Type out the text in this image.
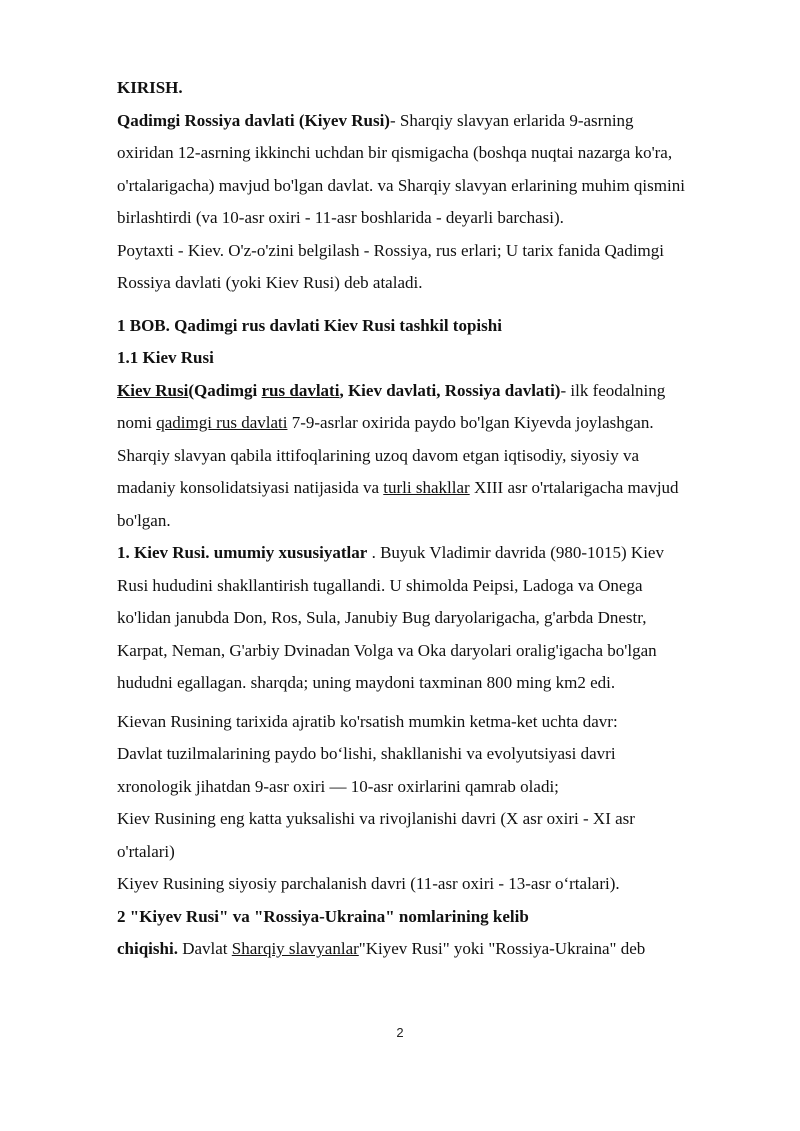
KIRISH.

Qadimgi Rossiya davlati (Kiyev Rusi)- Sharqiy slavyan erlarida 9-asrning
oxiridan 12-asrning ikkinchi uchdan bir qismigacha (boshqa nuqtai nazarga ko'ra,
o'rtalarigacha) mavjud bo'lgan davlat. va Sharqiy slavyan erlarining muhim qismini
birlashtirdi (va 10-asr oxiri - 11-asr boshlarida - deyarli barchasi).

Poytaxti - Kiev. O'z-o'zini belgilash - Rossiya, rus erlari; U tarix fanida Qadimgi
Rossiya davlati (yoki Kiev Rusi) deb ataladi.

1 BOB. Qadimgi rus davlati Kiev Rusi tashkil topishi

1.1 Kiev Rusi

Kiev Rusi(Qadimgi rus davlati, Kiev davlati, Rossiya davlati)- ilk feodalning
nomi qadimgi rus davlati 7-9-asrlar oxirida paydo bo'lgan Kiyevda joylashgan.
Sharqiy slavyan qabila ittifoqlarining uzoq davom etgan iqtisodiy, siyosiy va
madaniy konsolidatsiyasi natijasida va turli shakllar XIII asr o'rtalarigacha mavjud
bo'lgan.

1. Kiev Rusi. umumiy xususiyatlar . Buyuk Vladimir davrida (980-1015) Kiev
Rusi hududini shakllantirish tugallandi. U shimolda Peipsi, Ladoga va Onega
ko'lidan janubda Don, Ros, Sula, Janubiy Bug daryolarigacha, g'arbda Dnestr,
Karpat, Neman, G'arbiy Dvinadan Volga va Oka daryolari oralig'igacha bo'lgan
hududni egallagan. sharqda; uning maydoni taxminan 800 ming km2 edi.

Kievan Rusining tarixida ajratib ko'rsatish mumkin ketma-ket uchta davr:
Davlat tuzilmalarining paydo bo‘lishi, shakllanishi va evolyutsiyasi davri
xronologik jihatdan 9-asr oxiri — 10-asr oxirlarini qamrab oladi;
Kiev Rusining eng katta yuksalishi va rivojlanishi davri (X asr oxiri - XI asr
o'rtalari)
Kiyev Rusining siyosiy parchalanish davri (11-asr oxiri - 13-asr o‘rtalari).

2 "Kiyev Rusi" va "Rossiya-Ukraina" nomlarining kelib
chiqishi. Davlat Sharqiy slavyanlar"Kiyev Rusi" yoki "Rossiya-Ukraina" deb

2
